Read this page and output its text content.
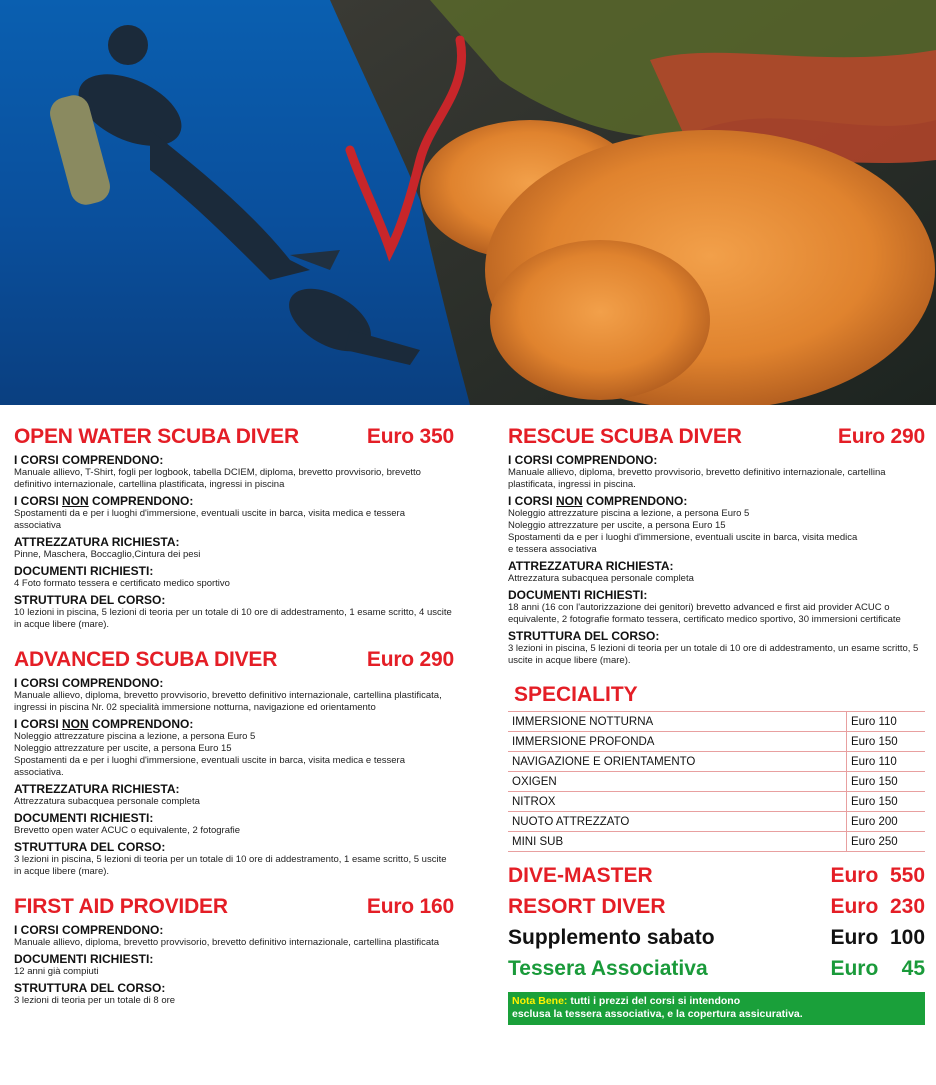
OPEN WATER SCUBA DIVER	Euro 350
I CORSI COMPRENDONO:
Manuale allievo, T-Shirt, fogli per logbook, tabella DCIEM, diploma, brevetto provvisorio, brevetto definitivo internazionale, cartellina plastificata, ingressi in piscina
I CORSI NON COMPRENDONO:
Spostamenti da e per i luoghi d'immersione, eventuali uscite in barca, visita medica e tessera associativa
ATTREZZATURA RICHIESTA:
Pinne, Maschera, Boccaglio,Cintura dei pesi
DOCUMENTI RICHIESTI:
4 Foto formato tessera e certificato medico sportivo
STRUTTURA DEL CORSO:
10 lezioni in piscina, 5 lezioni di teoria per un totale di 10 ore di addestramento, 1 esame scritto, 4 uscite in acque libere (mare).
ADVANCED SCUBA DIVER	Euro 290
I CORSI COMPRENDONO:
Manuale allievo, diploma, brevetto provvisorio, brevetto definitivo internazionale, cartellina plastificata, ingressi in piscina Nr. 02 specialità immersione notturna, navigazione ed orientamento
I CORSI NON COMPRENDONO:
Noleggio attrezzature piscina a lezione, a persona Euro 5
Noleggio attrezzature per uscite, a persona Euro 15
Spostamenti da e per i luoghi d'immersione, eventuali uscite in barca, visita medica e tessera associativa.
ATTREZZATURA RICHIESTA:
Attrezzatura subacquea personale completa
DOCUMENTI RICHIESTI:
Brevetto open water ACUC o equivalente, 2 fotografie
STRUTTURA DEL CORSO:
3 lezioni in piscina, 5 lezioni di teoria per un totale di 10 ore di addestramento, 1 esame scritto, 5 uscite in acque libere (mare).
FIRST AID PROVIDER	Euro 160
I CORSI COMPRENDONO:
Manuale allievo, diploma, brevetto provvisorio, brevetto definitivo internazionale, cartellina plastificata
DOCUMENTI RICHIESTI:
12 anni già compiuti
STRUTTURA DEL CORSO:
3 lezioni di teoria per un totale di 8 ore
RESCUE SCUBA DIVER	Euro 290
I CORSI COMPRENDONO:
Manuale allievo, diploma, brevetto provvisorio, brevetto definitivo internazionale, cartellina plastificata, ingressi in piscina.
I CORSI NON COMPRENDONO:
Noleggio attrezzature piscina a lezione, a persona Euro 5
Noleggio attrezzature per uscite, a persona Euro 15
Spostamenti da e per i luoghi d'immersione, eventuali uscite in barca, visita medica
e tessera associativa
ATTREZZATURA RICHIESTA:
Attrezzatura subacquea personale completa
DOCUMENTI RICHIESTI:
18 anni (16 con l'autorizzazione dei genitori) brevetto advanced e first aid provider ACUC o equivalente, 2 fotografie formato tessera, certificato medico sportivo, 30 immersioni certificate
STRUTTURA DEL CORSO:
3 lezioni in piscina, 5 lezioni di teoria per un totale di 10 ore di addestramento, un esame scritto, 5 uscite in acque libere (mare).
SPECIALITY
IMMERSIONE NOTTURNA	Euro 110
IMMERSIONE PROFONDA	Euro 150
NAVIGAZIONE E ORIENTAMENTO	Euro 110
OXIGEN	Euro 150
NITROX	Euro 150
NUOTO ATTREZZATO	Euro 200
MINI SUB	Euro 250
DIVE-MASTER	Euro  550
RESORT DIVER	Euro  230
Supplemento sabato	Euro  100
Tessera Associativa	Euro    45
Nota Bene: tutti i prezzi del corsi si intendono
esclusa la tessera associativa, e la copertura assicurativa.
